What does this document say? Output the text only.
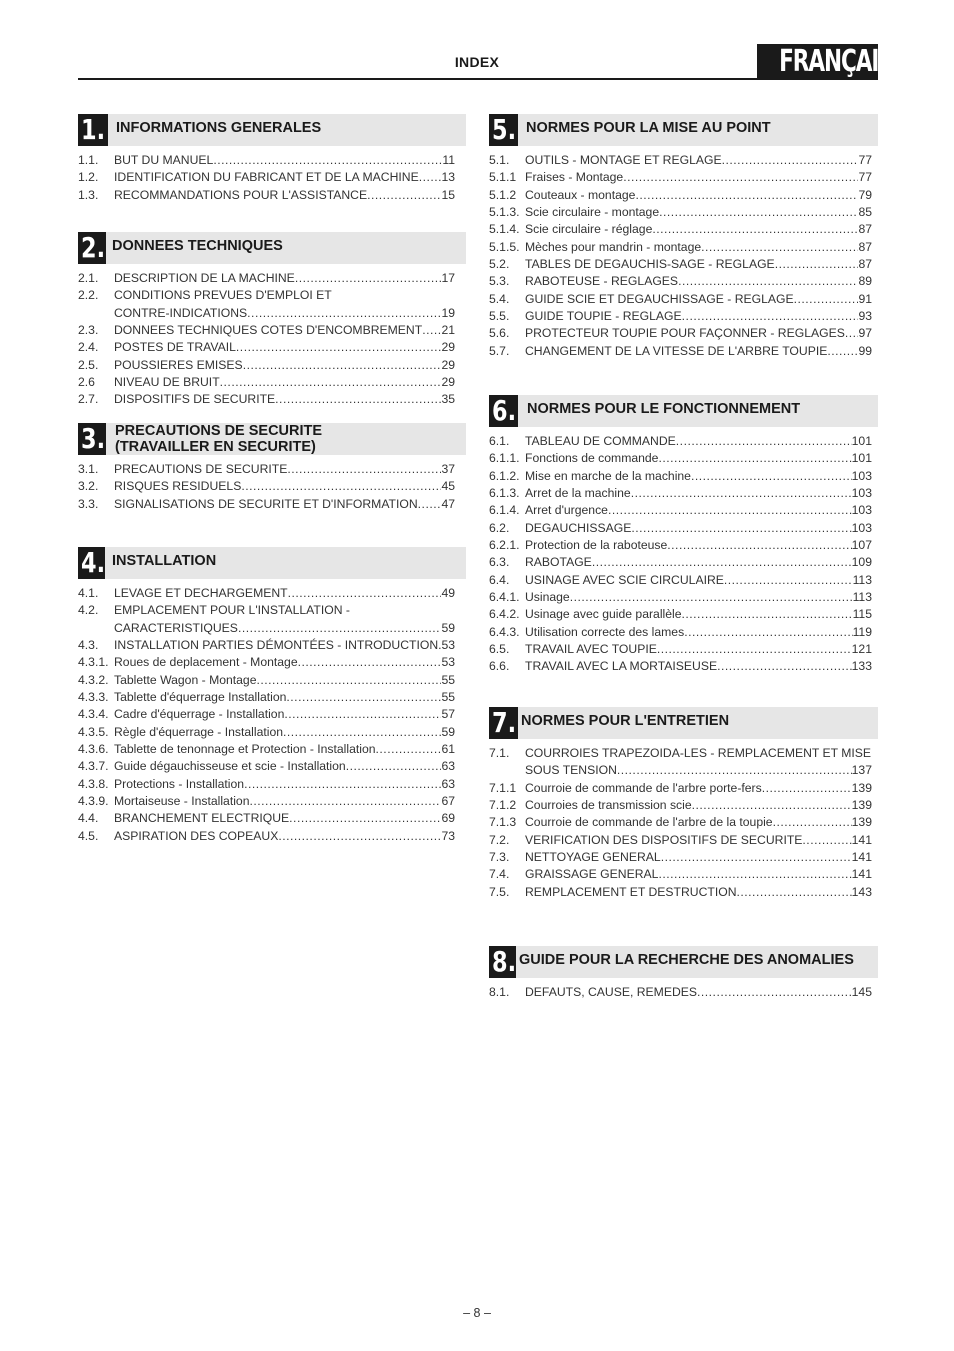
INDEX	FRANÇAIS
1. INFORMATIONS GENERALES
1.1.	BUT DU MANUEL .....	11
1.2.	IDENTIFICATION DU FABRICANT ET DE LA MACHINE ..... 13
1.3.	RECOMMANDATIONS POUR L'ASSISTANCE .....	15
2. DONNEES TECHNIQUES
2.1.	DESCRIPTION DE LA MACHINE .....	17
2.2.	CONDITIONS PREVUES D'EMPLOI ET
CONTRE-INDICATIONS .....	19
2.3.	DONNEES TECHNIQUES COTES D'ENCOMBREMENT ..... 21
2.4.	POSTES DE TRAVAIL .....	29
2.5.	POUSSIERES EMISES .....	29
2.6	NIVEAU DE BRUIT .....	29
2.7.	DISPOSITIFS DE SECURITE .....	35
3. PRECAUTIONS DE SECURITE
(TRAVAILLER EN SECURITE)
3.1.	PRECAUTIONS DE SECURITE .....	37
3.2.	RISQUES RESIDUELS .....	45
3.3.	SIGNALISATIONS DE SECURITE ET D'INFORMATION ..... 47
4. INSTALLATION
4.1.	LEVAGE ET DECHARGEMENT .....	49
4.2.	EMPLACEMENT POUR L'INSTALLATION -
CARACTERISTIQUES .....	59
4.3.	INSTALLATION PARTIES DÉMONTÉES - INTRODUCTION ..... 53
4.3.1. Roues de deplacement - Montage .....	53
4.3.2. Tablette Wagon - Montage .....	55
4.3.3. Tablette d'équerrage Installation .....	55
4.3.4. Cadre d'équerrage - Installation .....	57
4.3.5. Règle d'équerrage - Installation .....	59
4.3.6. Tablette de tenonnage et Protection - Installation .....	61
4.3.7. Guide dégauchisseuse et scie - Installation .....	63
4.3.8. Protections - Installation .....	63
4.3.9. Mortaiseuse - Installation .....	67
4.4.	BRANCHEMENT ELECTRIQUE .....	69
4.5.	ASPIRATION DES COPEAUX .....	73
5. NORMES POUR LA MISE AU POINT
5.1.	OUTILS - MONTAGE ET REGLAGE .....	77
5.1.1 Fraises - Montage .....	77
5.1.2 Couteaux - montage .....	79
5.1.3. Scie circulaire - montage .....	85
5.1.4. Scie circulaire - réglage .....	87
5.1.5. Mèches pour mandrin - montage .....	87
5.2.	TABLES DE DEGAUCHIS-SAGE - REGLAGE .....	87
5.3.	RABOTEUSE - REGLAGES .....	89
5.4.	GUIDE SCIE ET DEGAUCHISSAGE - REGLAGE .....	91
5.5.	GUIDE TOUPIE - REGLAGE .....	93
5.6.	PROTECTEUR TOUPIE POUR FAÇONNER - REGLAGES ..... 97
5.7.	CHANGEMENT DE LA VITESSE DE L'ARBRE TOUPIE .....	99
6. NORMES POUR LE FONCTIONNEMENT
6.1.	TABLEAU DE COMMANDE .....	101
6.1.1. Fonctions de commande .....	101
6.1.2. Mise en marche de la machine .....	103
6.1.3. Arret de la machine .....	103
6.1.4. Arret d'urgence .....	103
6.2.	DEGAUCHISSAGE .....	103
6.2.1. Protection de la raboteuse .....	107
6.3.	RABOTAGE .....	109
6.4.	USINAGE AVEC SCIE CIRCULAIRE .....	113
6.4.1. Usinage .....	113
6.4.2. Usinage avec guide parallèle .....	115
6.4.3. Utilisation correcte des lames .....	119
6.5.	TRAVAIL AVEC TOUPIE .....	121
6.6.	TRAVAIL AVEC LA MORTAISEUSE .....	133
7. NORMES POUR L'ENTRETIEN
7.1.	COURROIES TRAPEZOIDA-LES - REMPLACEMENT ET MISE
SOUS TENSION .....	137
7.1.1 Courroie de commande de l'arbre porte-fers .....	139
7.1.2 Courroies de transmission scie .....	139
7.1.3 Courroie de commande de l'arbre de la toupie .....	139
7.2.	VERIFICATION DES DISPOSITIFS DE SECURITE .....	141
7.3.	NETTOYAGE GENERAL .....	141
7.4.	GRAISSAGE GENERAL .....	141
7.5.	REMPLACEMENT ET DESTRUCTION .....	143
8. GUIDE POUR LA RECHERCHE DES ANOMALIES
8.1.	DEFAUTS, CAUSE, REMEDES .....	145
– 8 –
